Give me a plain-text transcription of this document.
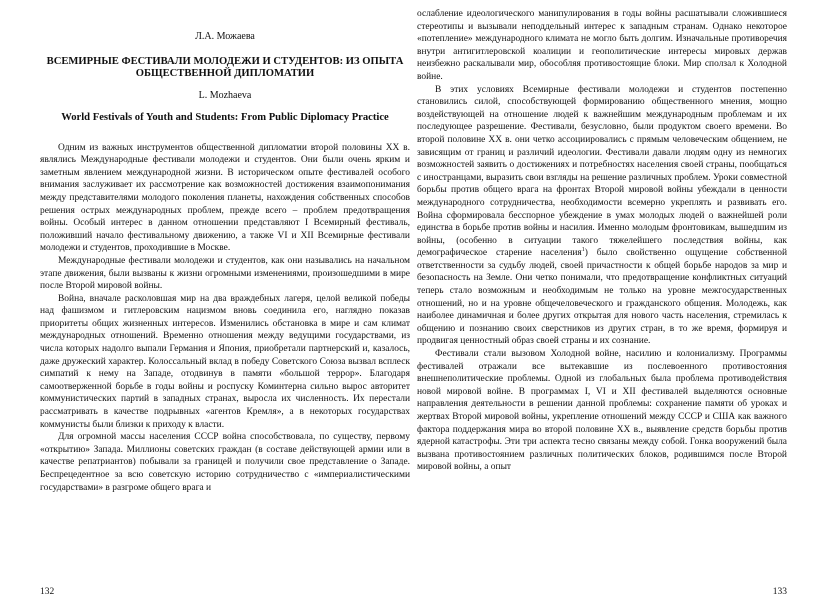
Л.А. Можаева

ВСЕМИРНЫЕ ФЕСТИВАЛИ МОЛОДЕЖИ И СТУДЕНТОВ: ИЗ ОПЫТА ОБЩЕСТВЕННОЙ ДИПЛОМАТИИ

L. Mozhaeva

World Festivals of Youth and Students: From Public Diplomacy Practice

Одним из важных инструментов общественной дипломатии второй половины XX в. являлись Международные фестивали молодежи и студентов. Они были очень ярким и заметным явлением международной жизни. В историческом опыте фестивалей особого внимания заслуживает их рассмотрение как возможностей достижения взаимопонимания между представителями молодого поколения планеты, нахождения собственных способов решения острых международных проблем, прежде всего – проблем предотвращения войны. Особый интерес в данном отношении представляют I Всемирный фестиваль, положивший начало фестивальному движению, а также VI и XII Всемирные фестивали молодежи и студентов, проходившие в Москве.

Международные фестивали молодежи и студентов, как они назывались на начальном этапе движения, были вызваны к жизни огромными изменениями, произошедшими в мире после Второй мировой войны.

Война, вначале расколовшая мир на два враждебных лагеря, целой великой победы над фашизмом и гитлеровским нацизмом вновь соединила его, наглядно показав приоритеты общих жизненных интересов. Изменились обстановка в мире и сам климат международных отношений. Временно отношения между ведущими государствами, из числа которых надолго выпали Германия и Япония, приобретали партнерский и, казалось, даже дружеский характер. Колоссальный вклад в победу Советского Союза вызвал всплеск симпатий к нему на Западе, отодвинув в памяти «большой террор». Благодаря самоотверженной борьбе в годы войны и роспуску Коминтерна сильно вырос авторитет коммунистических партий в западных странах, выросла их численность. Их перестали рассматривать в качестве подрывных «агентов Кремля», а в некоторых государствах коммунисты были близки к приходу к власти.

Для огромной массы населения СССР война способствовала, по существу, первому «открытию» Запада. Миллионы советских граждан (в составе действующей армии или в качестве репатриантов) побывали за границей и получили свое представление о Западе. Беспрецедентное за всю советскую историю сотрудничество с «империалистическими государствами» в разгроме общего врага и

132

ослабление идеологического манипулирования в годы войны расшатывали сложившиеся стереотипы и вызывали неподдельный интерес к западным странам. Однако некоторое «потепление» международного климата не могло быть долгим. Изначальные противоречия внутри антигитлеровской коалиции и геополитические интересы мировых держав неизбежно раскалывали мир, обособляя противостоящие блоки. Мир сползал к Холодной войне.

В этих условиях Всемирные фестивали молодежи и студентов постепенно становились силой, способствующей формированию общественного мнения, мощно воздействующей на отношение людей к важнейшим международным проблемам и их последующее разрешение. Фестивали, безусловно, были продуктом своего времени. Во второй половине XX в. они четко ассоциировались с прямым человеческим общением, не зависящим от границ и различий идеологии. Фестивали давали людям одну из немногих возможностей заявить о достижениях и потребностях населения своей страны, пообщаться с иностранцами, выразить свои взгляды на решение различных проблем. Уроки совместной борьбы против общего врага на фронтах Второй мировой войны убеждали в ценности международного сотрудничества, необходимости всемерно укреплять и развивать его. Война сформировала бесспорное убеждение в умах молодых людей о важнейшей роли единства в борьбе против войны и насилия. Именно молодым фронтовикам, вышедшим из войны, (особенно в ситуации такого тяжелейшего последствия войны, как демографическое старение населения$^1$) было свойственно ощущение собственной ответственности за судьбу людей, своей причастности к общей борьбе народов за мир и безопасность на Земле. Они четко понимали, что предотвращение конфликтных ситуаций теперь стало возможным и необходимым не только на уровне межгосударственных отношений, но и на уровне общечеловеческого и гражданского общения. Молодежь, как наиболее динамичная и более других открытая для нового часть населения, стремилась к общению и познанию своих сверстников из других стран, в то же время, формируя и продвигая ценностный образ своей страны и их сознание.

Фестивали стали вызовом Холодной войне, насилию и колониализму. Программы фестивалей отражали все вытекавшие из послевоенного противостояния внешнеполитические проблемы. Одной из глобальных была проблема противодействия новой мировой войне. В программах I, VI и XII фестивалей выделяются основные направления деятельности в решении данной проблемы: сохранение памяти об уроках и жертвах Второй мировой войны, укрепление отношений между СССР и США как важного фактора поддержания мира во второй половине XX в., выявление средств борьбы против ядерной катастрофы. Эти три аспекта тесно связаны между собой. Гонка вооружений была вызвана противостоянием различных политических блоков, родившимся после Второй мировой войны, а опыт

133
